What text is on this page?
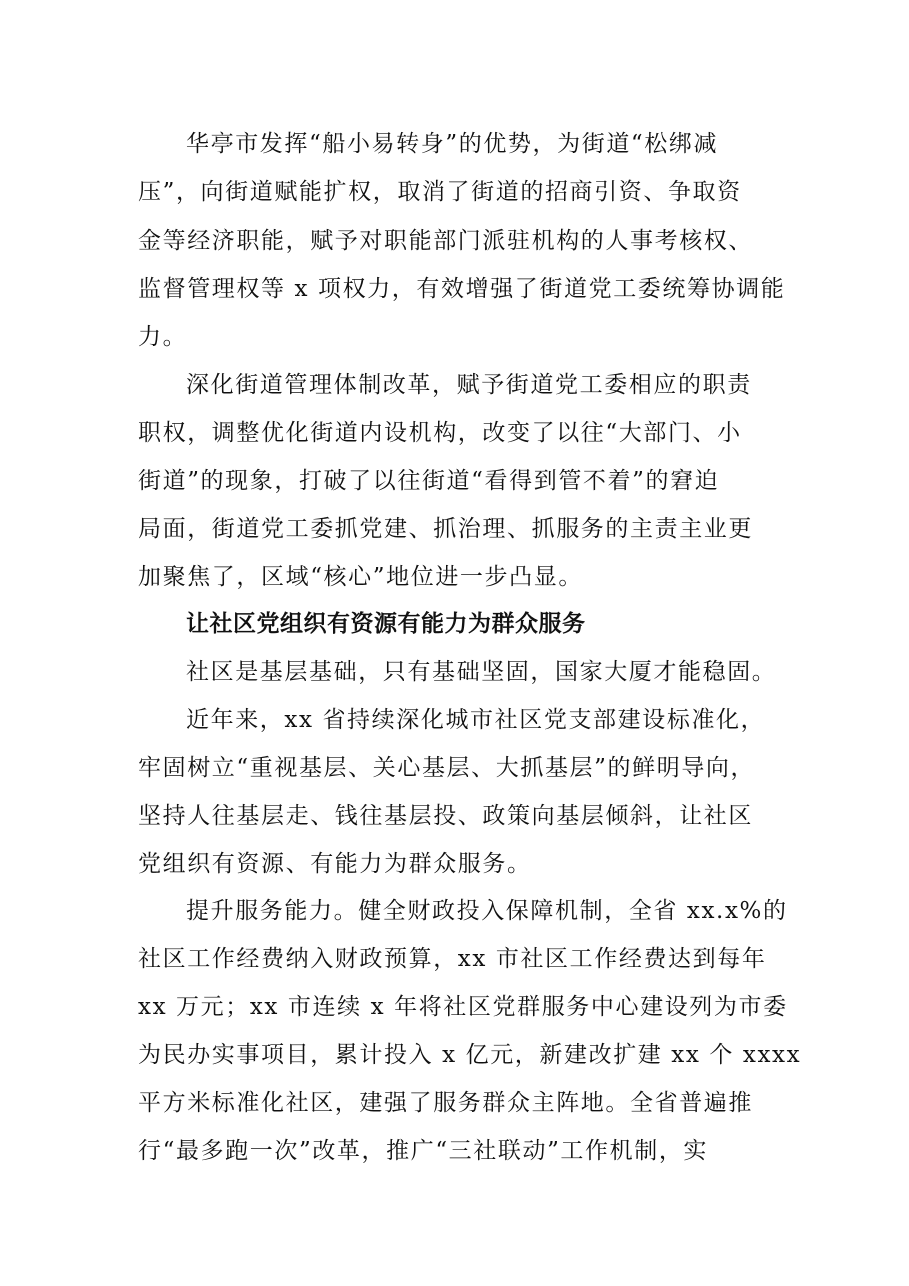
华亭市发挥“船小易转身”的优势，为街道“松绑减
压”，向街道赋能扩权，取消了街道的招商引资、争取资
金等经济职能，赋予对职能部门派驻机构的人事考核权、
监督管理权等 x 项权力，有效增强了街道党工委统筹协调能
力。
深化街道管理体制改革，赋予街道党工委相应的职责
职权，调整优化街道内设机构，改变了以往“大部门、小
街道”的现象，打破了以往街道“看得到管不着”的窘迫
局面，街道党工委抓党建、抓治理、抓服务的主责主业更
加聚焦了，区域“核心”地位进一步凸显。
让社区党组织有资源有能力为群众服务
社区是基层基础，只有基础坚固，国家大厦才能稳固。
近年来，xx 省持续深化城市社区党支部建设标准化，
牢固树立“重视基层、关心基层、大抓基层”的鲜明导向，
坚持人往基层走、钱往基层投、政策向基层倾斜，让社区
党组织有资源、有能力为群众服务。
提升服务能力。健全财政投入保障机制，全省 xx.x%的
社区工作经费纳入财政预算，xx 市社区工作经费达到每年
xx 万元；xx 市连续 x 年将社区党群服务中心建设列为市委
为民办实事项目，累计投入 x 亿元，新建改扩建 xx 个 xxxx
平方米标准化社区，建强了服务群众主阵地。全省普遍推
行“最多跑一次”改革，推广“三社联动”工作机制，实
